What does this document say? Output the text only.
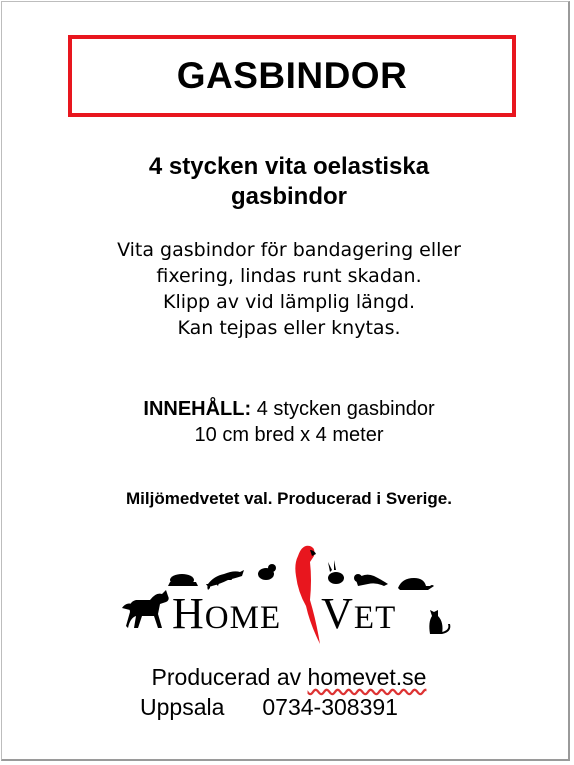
GASBINDOR
4 stycken vita oelastiska
gasbindor
Vita gasbindor för bandagering eller
fixering, lindas runt skadan.
Klipp av vid lämplig längd.
Kan tejpas eller knytas.
INNEHÅLL: 4 stycken gasbindor
10 cm bred x 4 meter
Miljömedvetet val. Producerad i Sverige.
HOME VET
Producerad av homevet.se
Uppsala 0734-308391
